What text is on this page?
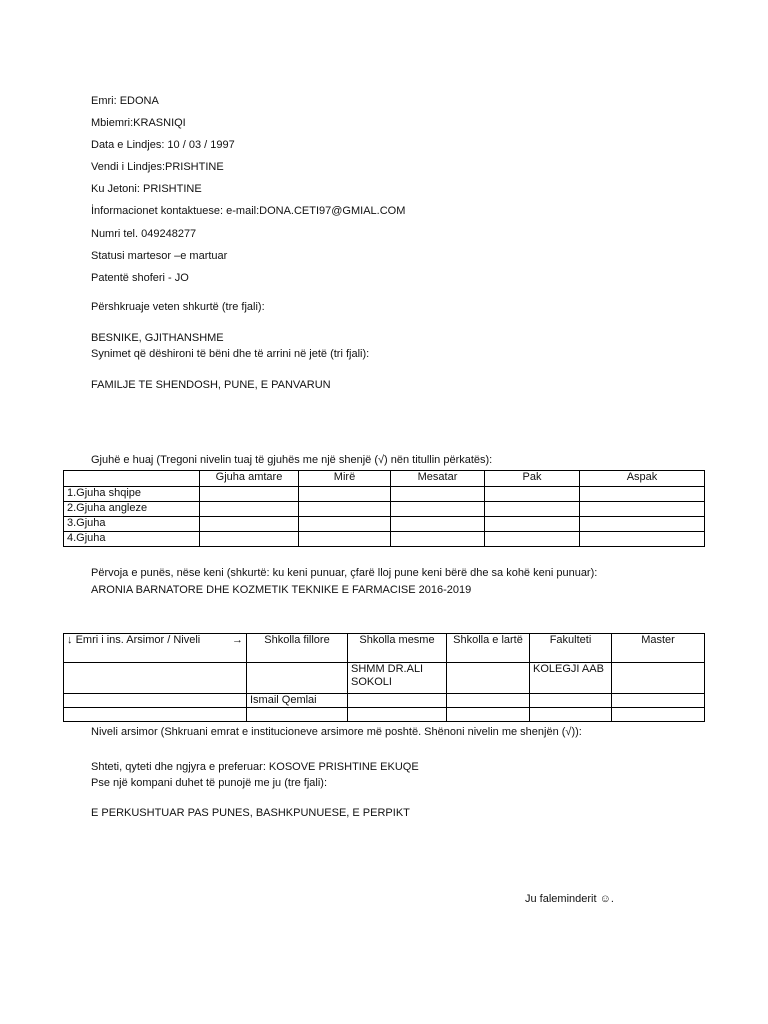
Emri: EDONA
Mbiemri:KRASNIQI
Data e Lindjes: 10 / 03 / 1997
Vendi i Lindjes:PRISHTINE
Ku Jetoni: PRISHTINE
İnformacionet kontaktuese: e-mail:DONA.CETI97@GMIAL.COM
Numri tel. 049248277
Statusi martesor –e martuar
Patentë shoferi - JO
Përshkruaje veten shkurtë (tre fjali):
BESNIKE, GJITHANSHME
Synimet që dëshironi të bëni dhe të arrini në jetë (tri fjali):
FAMILJE TE SHENDOSH, PUNE, E PANVARUN
Gjuhë e huaj (Tregoni nivelin tuaj të gjuhës me një shenjë (√) nën titullin përkatës):
	Gjuha amtare	Mirë	Mesatar	Pak	Aspak
1.Gjuha shqipe					
2.Gjuha angleze					
3.Gjuha					
4.Gjuha					
Përvoja e punës, nëse keni (shkurtë: ku keni punuar, çfarë lloj pune keni bërë dhe sa kohë keni punuar):
ARONIA BARNATORE DHE KOZMETIK TEKNIKE E FARMACISE 2016-2019
↓ Emri i ins. Arsimor / Niveli →	Shkolla fillore	Shkolla mesme	Shkolla e lartë	Fakulteti	Master
		SHMM DR.ALI SOKOLI		KOLEGJI AAB	
	Ismail Qemlai				

Niveli arsimor (Shkruani emrat e institucioneve arsimore më poshtë. Shënoni nivelin me shenjën (√)):
Shteti, qyteti dhe ngjyra e preferuar: KOSOVE PRISHTINE EKUQE
Pse një kompani duhet të punojë me ju (tre fjali):
E PERKUSHTUAR PAS PUNES, BASHKPUNUESE, E PERPIKT
Ju faleminderit ☺.
